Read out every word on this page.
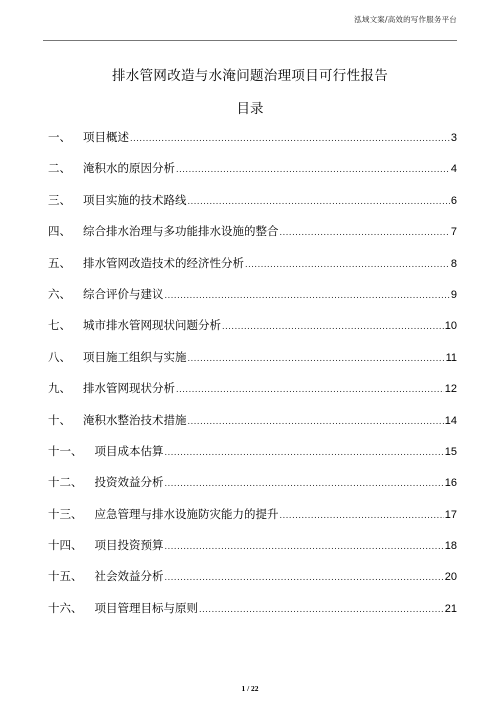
泓域文案/高效的写作服务平台
排水管网改造与水淹问题治理项目可行性报告
目录
一、 项目概述 .....	3
二、 淹积水的原因分析 .....	4
三、 项目实施的技术路线 .....	6
四、 综合排水治理与多功能排水设施的整合 .....	7
五、 排水管网改造技术的经济性分析 .....	8
六、 综合评价与建议 .....	9
七、 城市排水管网现状问题分析 .....	10
八、 项目施工组织与实施 .....	11
九、 排水管网现状分析 .....	12
十、 淹积水整治技术措施 .....	14
十一、 项目成本估算 .....	15
十二、 投资效益分析 .....	16
十三、 应急管理与排水设施防灾能力的提升 .....	17
十四、 项目投资预算 .....	18
十五、 社会效益分析 .....	20
十六、 项目管理目标与原则 .....	21
1 / 22
